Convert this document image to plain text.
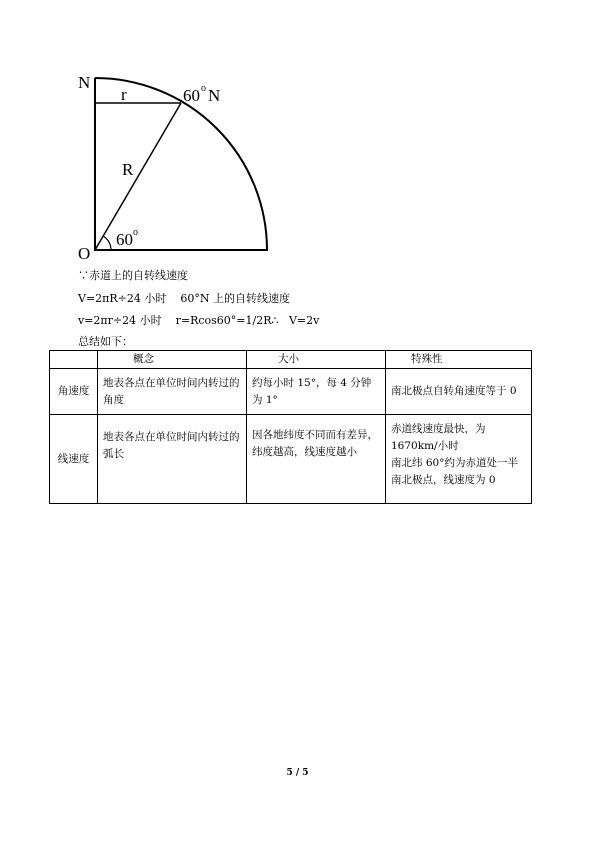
N
r	60 o N
R
O
60 o
∵赤道上的自转线速度
V=2πR÷24 小时    60°N 上的自转线速度
v=2πr÷24 小时    r=Rcos60°=1/2R∴   V=2v
总结如下：
	概念	大小	特殊性
角速度	地表各点在单位时间内转过的角度	约每小时 15°，每 4 分钟为 1°	南北极点自转角速度等于 0
线速度	地表各点在单位时间内转过的弧长	因各地纬度不同而有差异，纬度越高，线速度越小	赤道线速度最快，为 1670km/小时
南北纬 60°约为赤道处一半
南北极点，线速度为 0
5 / 5
